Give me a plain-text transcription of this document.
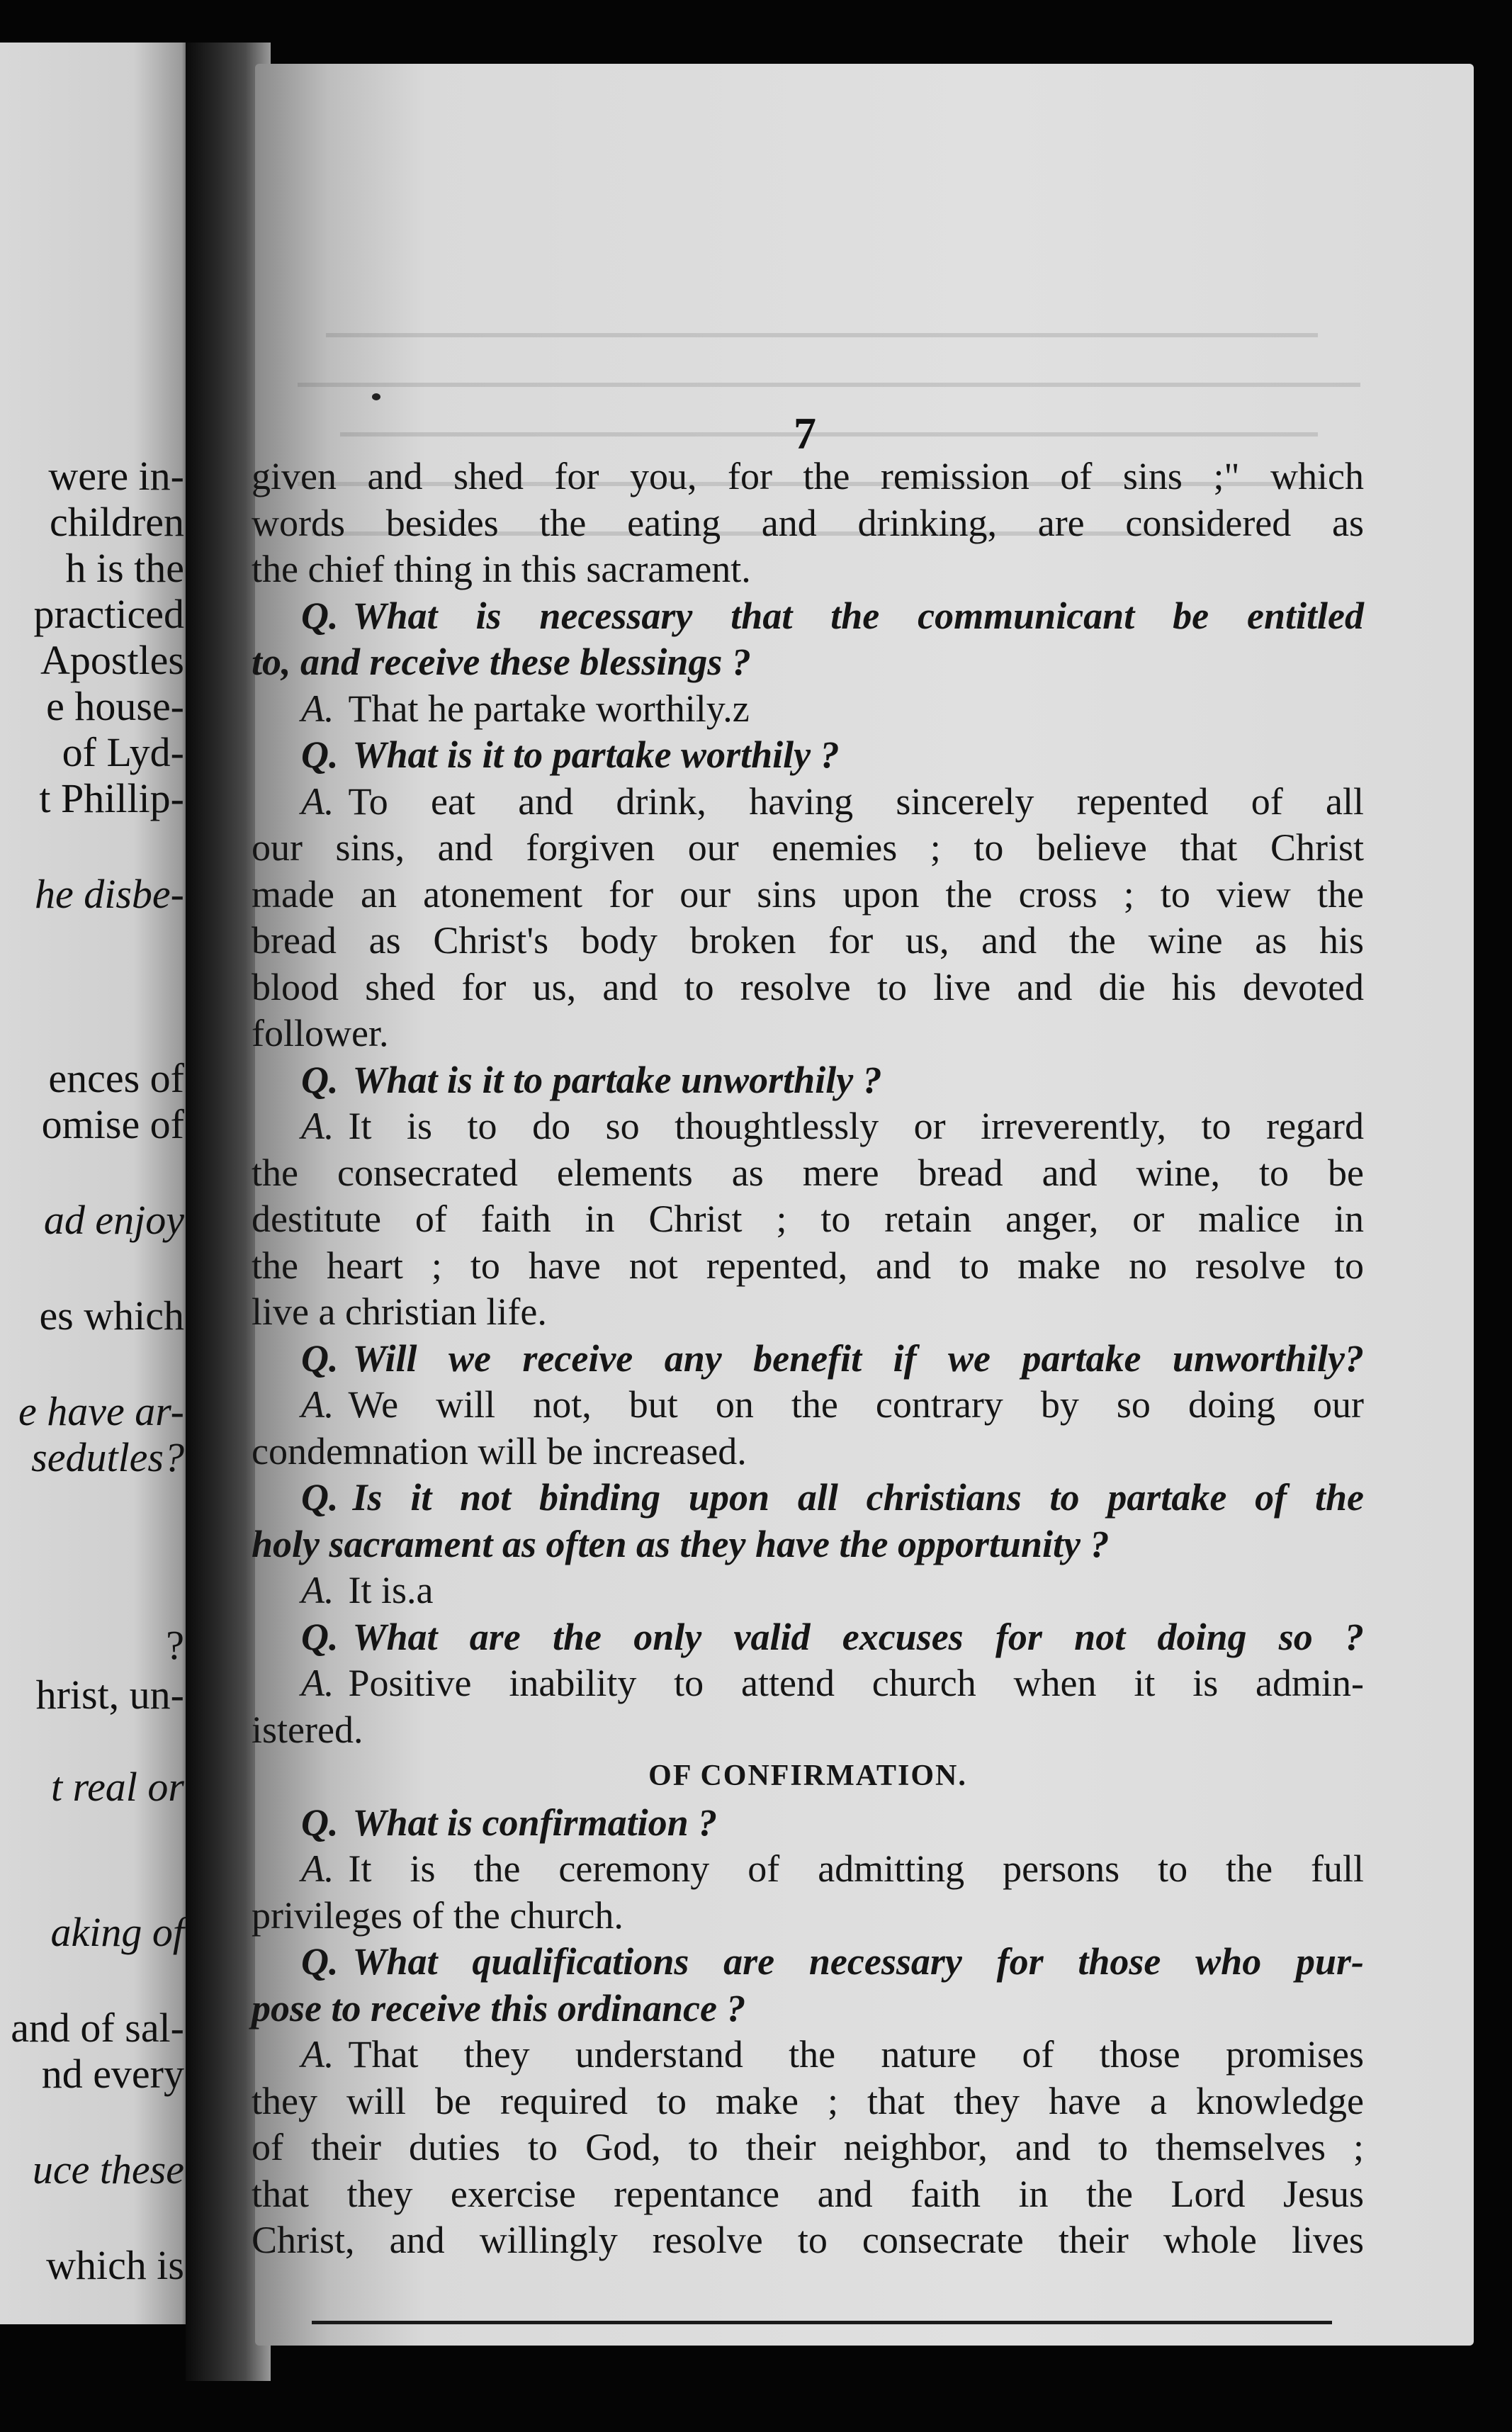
were in-
children
h is the
practiced
Apostles
e house-
of Lyd-
t Phillip-
he disbe-
ences of
omise of
ad enjoy
es which
e have ar-
sedutles?
?
hrist, un-
t real or
aking of
and of sal-
nd every
uce these
which is
7
given and shed for you, for the remission of sins ;" which
words besides the eating and drinking, are considered as
the chief thing in this sacrament.
Q. What is necessary that the communicant be entitled
to, and receive these blessings ?
A. That he partake worthily.z
Q. What is it to partake worthily ?
A. To eat and drink, having sincerely repented of all
our sins, and forgiven our enemies ; to believe that Christ
made an atonement for our sins upon the cross ; to view the
bread as Christ's body broken for us, and the wine as his
blood shed for us, and to resolve to live and die his devoted
follower.
Q. What is it to partake unworthily ?
A. It is to do so thoughtlessly or irreverently, to regard
the consecrated elements as mere bread and wine, to be
destitute of faith in Christ ; to retain anger, or malice in
the heart ; to have not repented, and to make no resolve to
live a christian life.
Q. Will we receive any benefit if we partake unworthily?
A. We will not, but on the contrary by so doing our
condemnation will be increased.
Q. Is it not binding upon all christians to partake of the
holy sacrament as often as they have the opportunity ?
A. It is.a
Q. What are the only valid excuses for not doing so ?
A. Positive inability to attend church when it is admin-
istered.
OF CONFIRMATION.
Q. What is confirmation ?
A. It is the ceremony of admitting persons to the full
privileges of the church.
Q. What qualifications are necessary for those who pur-
pose to receive this ordinance ?
A. That they understand the nature of those promises
they will be required to make ; that they have a knowledge
of their duties to God, to their neighbor, and to themselves ;
that they exercise repentance and faith in the Lord Jesus
Christ, and willingly resolve to consecrate their whole lives
